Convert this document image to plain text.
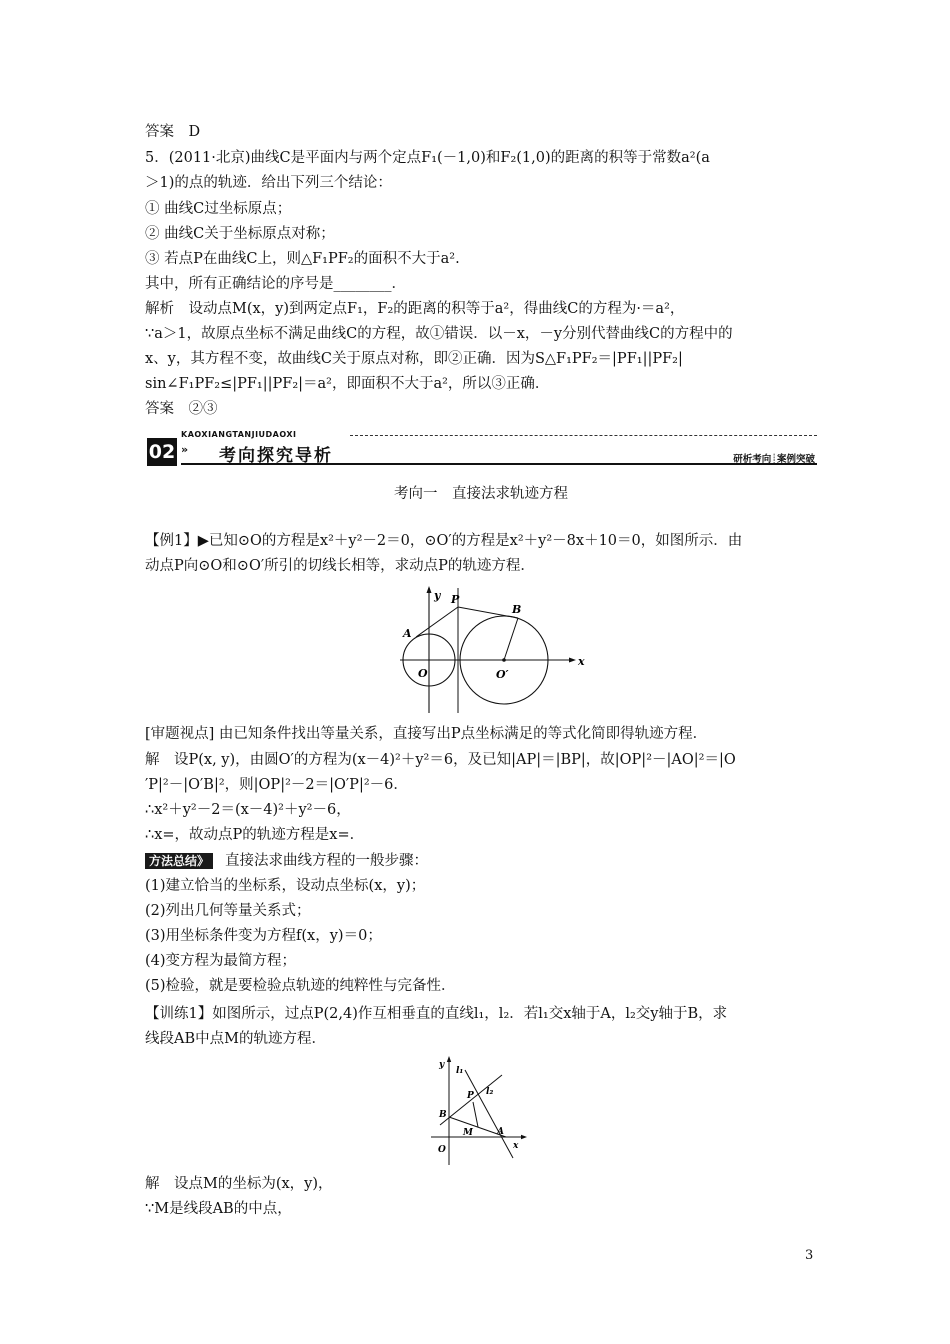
答案　D
5．(2011·北京)曲线C是平面内与两个定点F₁(－1,0)和F₂(1,0)的距离的积等于常数a²(a
＞1)的点的轨迹．给出下列三个结论：
① 曲线C过坐标原点；
② 曲线C关于坐标原点对称；
③ 若点P在曲线C上，则△F₁PF₂的面积不大于a².
其中，所有正确结论的序号是________．
解析　设动点M(x，y)到两定点F₁，F₂的距离的积等于a²，得曲线C的方程为·＝a²，
∵a＞1，故原点坐标不满足曲线C的方程，故①错误．以－x，－y分别代替曲线C的方程中的
x、y，其方程不变，故曲线C关于原点对称，即②正确．因为S△F₁PF₂＝|PF₁||PF₂|
sin∠F₁PF₂≤|PF₁||PF₂|＝a²，即面积不大于a²，所以③正确．
答案　②③
KAOXIANGTANJIUDAOXI
02 » 考向探究导析	研析考向┊案例突破
考向一　直接法求轨迹方程
【例1】▶已知⊙O的方程是x²＋y²－2＝0，⊙O′的方程是x²＋y²－8x＋10＝0，如图所示．由
动点P向⊙O和⊙O′所引的切线长相等，求动点P的轨迹方程．
y P
B
A
O	O′
x
[审题视点] 由已知条件找出等量关系，直接写出P点坐标满足的等式化简即得轨迹方程．
解　设P(x, y)，由圆O′的方程为(x－4)²＋y²＝6，及已知|AP|＝|BP|，故|OP|²－|AO|²＝|O
′P|²－|O′B|²，则|OP|²－2＝|O′P|²－6．
∴x²＋y²－2＝(x－4)²＋y²－6，
∴x=，故动点P的轨迹方程是x=．
方法总结》 直接法求曲线方程的一般步骤：
(1)建立恰当的坐标系，设动点坐标(x，y)；
(2)列出几何等量关系式；
(3)用坐标条件变为方程f(x，y)＝0；
(4)变方程为最简方程；
(5)检验，就是要检验点轨迹的纯粹性与完备性．
【训练1】如图所示，过点P(2,4)作互相垂直的直线l₁，l₂．若l₁交x轴于A，l₂交y轴于B，求
线段AB中点M的轨迹方程．
y
l₁
l₂
P
B
M	A
O	x
解　设点M的坐标为(x，y)，
∵M是线段AB的中点，
3
